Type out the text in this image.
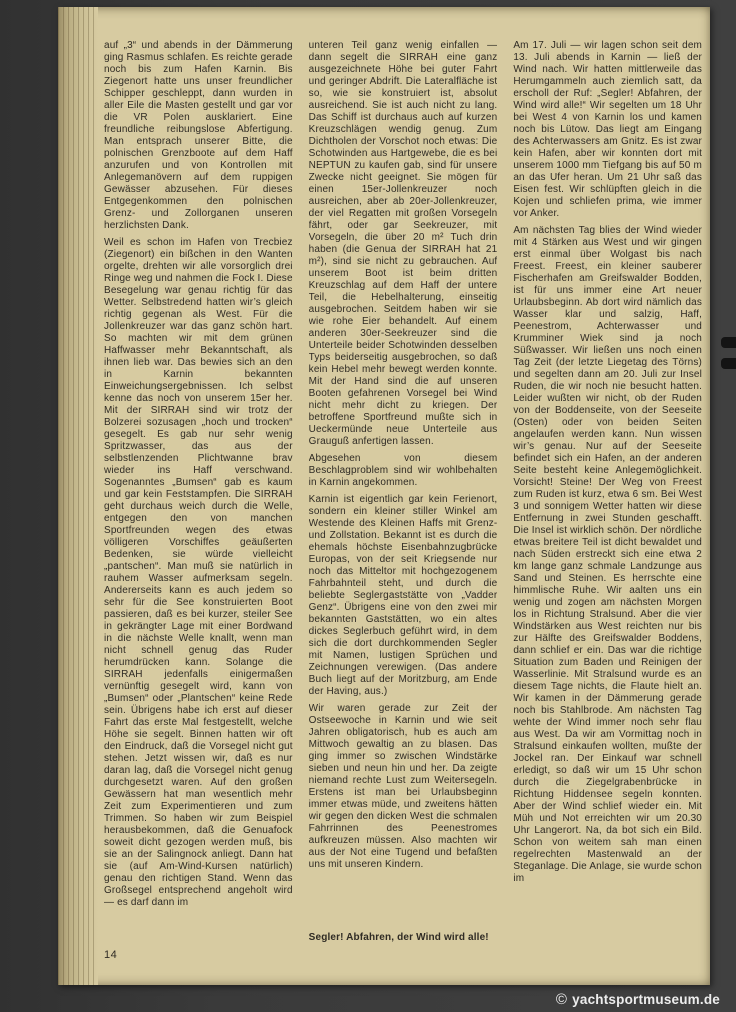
auf „3“ und abends in der Dämmerung ging Rasmus schlafen. Es reichte gerade noch bis zum Hafen Karnin. Bis Ziegenort hatte uns unser freundlicher Schipper geschleppt, dann wurden in aller Eile die Masten gestellt und gar vor die VR Polen ausklariert. Eine freundliche reibungslose Abfertigung. Man entsprach unserer Bitte, die polnischen Grenzboote auf dem Haff anzurufen und von Kontrollen mit Anlegemanövern auf dem ruppigen Gewässer abzusehen. Für dieses Entgegenkommen den polnischen Grenz- und Zollorganen unseren herzlichsten Dank.

Weil es schon im Hafen von Trecbiez (Ziegenort) ein bißchen in den Wanten orgelte, drehten wir alle vorsorglich drei Ringe weg und nahmen die Fock I. Diese Besegelung war genau richtig für das Wetter. Selbstredend hatten wir’s gleich richtig gegenan als West. Für die Jollenkreuzer war das ganz schön hart. So machten wir mit dem grünen Haffwasser mehr Bekanntschaft, als ihnen lieb war. Das bewies sich an den in Karnin bekannten Einweichungsergebnissen. Ich selbst kenne das noch von unserem 15er her. Mit der SIRRAH sind wir trotz der Bolzerei sozusagen „hoch und trocken“ gesegelt. Es gab nur sehr wenig Spritzwasser, das aus der selbstlenzenden Plichtwanne brav wieder ins Haff verschwand. Sogenanntes „Bumsen“ gab es kaum und gar kein Feststampfen. Die SIRRAH geht durchaus weich durch die Welle, entgegen den von manchen Sportfreunden wegen des etwas völligeren Vorschiffes geäußerten Bedenken, sie würde vielleicht „pantschen“. Man muß sie natürlich in rauhem Wasser aufmerksam segeln. Andererseits kann es auch jedem so sehr für die See konstruierten Boot passieren, daß es bei kurzer, steiler See in gekrängter Lage mit einer Bordwand in die nächste Welle knallt, wenn man nicht schnell genug das Ruder herumdrücken kann. Solange die SIRRAH jedenfalls einigermaßen vernünftig gesegelt wird, kann von „Bumsen“ oder „Plantschen“ keine Rede sein. Übrigens habe ich erst auf dieser Fahrt das erste Mal festgestellt, welche Höhe sie segelt. Binnen hatten wir oft den Eindruck, daß die Vorsegel nicht gut stehen. Jetzt wissen wir, daß es nur daran lag, daß die Vorsegel nicht genug durchgesetzt waren. Auf den großen Gewässern hat man wesentlich mehr Zeit zum Experimentieren und zum Trimmen. So haben wir zum Beispiel herausbekommen, daß die Genuafock soweit dicht gezogen werden muß, bis sie an der Salingnock anliegt. Dann hat sie (auf Am-Wind-Kursen natürlich) genau den richtigen Stand. Wenn das Großsegel entsprechend angeholt wird — es darf dann im

unteren Teil ganz wenig einfallen — dann segelt die SIRRAH eine ganz ausgezeichnete Höhe bei guter Fahrt und geringer Abdrift. Die Lateralfläche ist so, wie sie konstruiert ist, absolut ausreichend. Sie ist auch nicht zu lang. Das Schiff ist durchaus auch auf kurzen Kreuzschlägen wendig genug. Zum Dichtholen der Vorschot noch etwas: Die Schotwinden aus Hartgewebe, die es bei NEPTUN zu kaufen gab, sind für unsere Zwecke nicht geeignet. Sie mögen für einen 15er-Jollenkreuzer noch ausreichen, aber ab 20er-Jollenkreuzer, der viel Regatten mit großen Vorsegeln fährt, oder gar Seekreuzer, mit Vorsegeln, die über 20 m² Tuch drin haben (die Genua der SIRRAH hat 21 m²), sind sie nicht zu gebrauchen. Auf unserem Boot ist beim dritten Kreuzschlag auf dem Haff der untere Teil, die Hebelhalterung, einseitig ausgebrochen. Seitdem haben wir sie wie rohe Eier behandelt. Auf einem anderen 30er-Seekreuzer sind die Unterteile beider Schotwinden desselben Typs beiderseitig ausgebrochen, so daß kein Hebel mehr bewegt werden konnte. Mit der Hand sind die auf unseren Booten gefahrenen Vorsegel bei Wind nicht mehr dicht zu kriegen. Der betroffene Sportfreund mußte sich in Ueckermünde neue Unterteile aus Grauguß anfertigen lassen.

Abgesehen von diesem Beschlagproblem sind wir wohlbehalten in Karnin angekommen.

Karnin ist eigentlich gar kein Ferienort, sondern ein kleiner stiller Winkel am Westende des Kleinen Haffs mit Grenz- und Zollstation. Bekannt ist es durch die ehemals höchste Eisenbahnzugbrücke Europas, von der seit Kriegsende nur noch das Mitteltor mit hochgezogenem Fahrbahnteil steht, und durch die beliebte Seglergaststätte von „Vadder Genz“. Übrigens eine von den zwei mir bekannten Gaststätten, wo ein altes dickes Seglerbuch geführt wird, in dem sich die dort durchkommenden Segler mit Namen, lustigen Sprüchen und Zeichnungen verewigen. (Das andere Buch liegt auf der Moritzburg, am Ende der Having, aus.)

Wir waren gerade zur Zeit der Ostseewoche in Karnin und wie seit Jahren obligatorisch, hub es auch am Mittwoch gewaltig an zu blasen. Das ging immer so zwischen Windstärke sieben und neun hin und her. Da zeigte niemand rechte Lust zum Weitersegeln. Erstens ist man bei Urlaubsbeginn immer etwas müde, und zweitens hätten wir gegen den dicken West die schmalen Fahrrinnen des Peenestromes aufkreuzen müssen. Also machten wir aus der Not eine Tugend und befaßten uns mit unseren Kindern.

Segler! Abfahren, der Wind wird alle!

Am 17. Juli — wir lagen schon seit dem 13. Juli abends in Karnin — ließ der Wind nach. Wir hatten mittlerweile das Herumgammeln auch ziemlich satt, da erscholl der Ruf: „Segler! Abfahren, der Wind wird alle!“ Wir segelten um 18 Uhr bei West 4 von Karnin los und kamen noch bis Lütow. Das liegt am Eingang des Achterwassers am Gnitz. Es ist zwar kein Hafen, aber wir konnten dort mit unserem 1000 mm Tiefgang bis auf 50 m an das Ufer heran. Um 21 Uhr saß das Eisen fest. Wir schlüpften gleich in die Kojen und schliefen prima, wie immer vor Anker.

Am nächsten Tag blies der Wind wieder mit 4 Stärken aus West und wir gingen erst einmal über Wolgast bis nach Freest. Freest, ein kleiner sauberer Fischerhafen am Greifswalder Bodden, ist für uns immer eine Art neuer Urlaubsbeginn. Ab dort wird nämlich das Wasser klar und salzig, Haff, Peenestrom, Achterwasser und Krumminer Wiek sind ja noch Süßwasser. Wir ließen uns noch einen Tag Zeit (der letzte Liegetag des Törns) und segelten dann am 20. Juli zur Insel Ruden, die wir noch nie besucht hatten. Leider wußten wir nicht, ob der Ruden von der Boddenseite, von der Seeseite (Osten) oder von beiden Seiten angelaufen werden kann. Nun wissen wir’s genau. Nur auf der Seeseite befindet sich ein Hafen, an der anderen Seite besteht keine Anlegemöglichkeit. Vorsicht! Steine! Der Weg von Freest zum Ruden ist kurz, etwa 6 sm. Bei West 3 und sonnigem Wetter hatten wir diese Entfernung in zwei Stunden geschafft. Die Insel ist wirklich schön. Der nördliche etwas breitere Teil ist dicht bewaldet und nach Süden erstreckt sich eine etwa 2 km lange ganz schmale Landzunge aus Sand und Steinen. Es herrschte eine himmlische Ruhe. Wir aalten uns ein wenig und zogen am nächsten Morgen los in Richtung Stralsund. Aber die vier Windstärken aus West reichten nur bis zur Hälfte des Greifswalder Boddens, dann schlief er ein. Das war die richtige Situation zum Baden und Reinigen der Wasserlinie. Mit Stralsund wurde es an diesem Tage nichts, die Flaute hielt an. Wir kamen in der Dämmerung gerade noch bis Stahlbrode. Am nächsten Tag wehte der Wind immer noch sehr flau aus West. Da wir am Vormittag noch in Stralsund einkaufen wollten, mußte der Jockel ran. Der Einkauf war schnell erledigt, so daß wir um 15 Uhr schon durch die Ziegelgrabenbrücke in Richtung Hiddensee segeln konnten. Aber der Wind schlief wieder ein. Mit Müh und Not erreichten wir um 20.30 Uhr Langerort. Na, da bot sich ein Bild. Schon von weitem sah man einen regelrechten Mastenwald an der Steganlage. Die Anlage, sie wurde schon im

14
© yachtsportmuseum.de
